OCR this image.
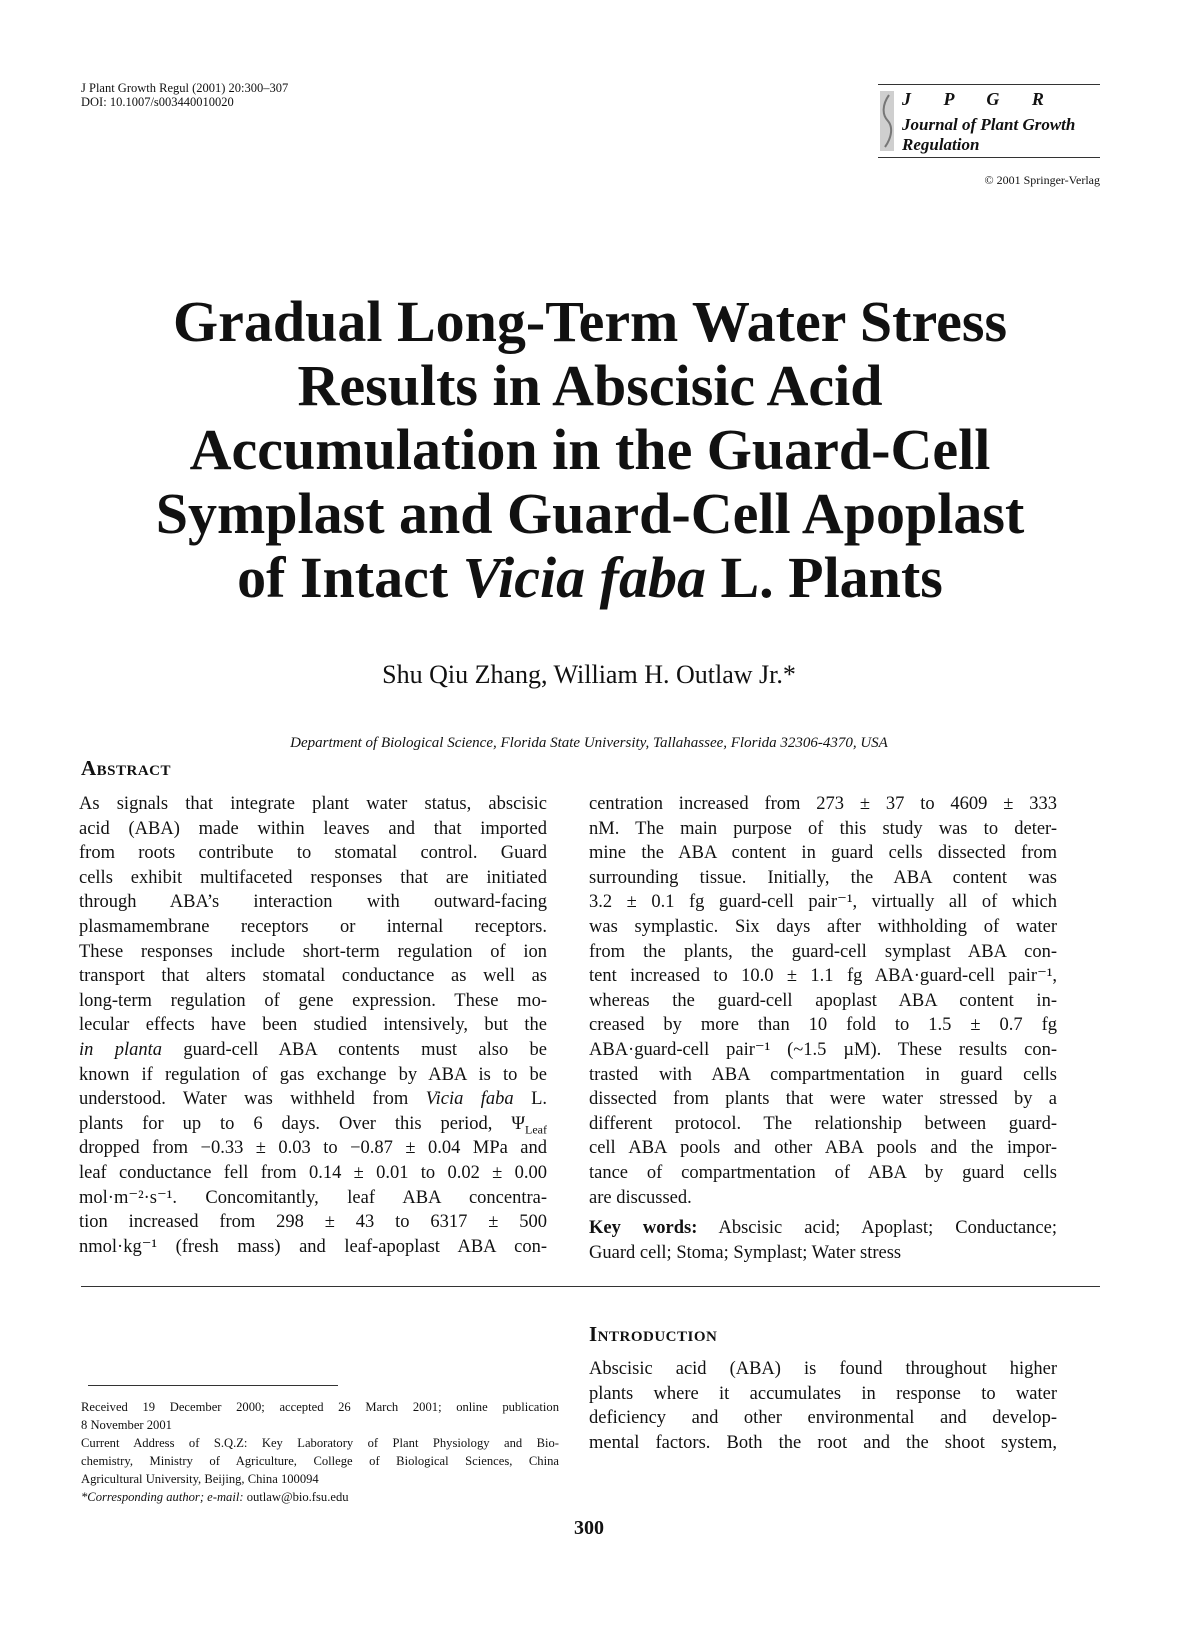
J Plant Growth Regul (2001) 20:300–307
DOI: 10.1007/s003440010020	J P G R
Journal of Plant Growth
Regulation
© 2001 Springer-Verlag
Gradual Long-Term Water Stress
Results in Abscisic Acid
Accumulation in the Guard-Cell
Symplast and Guard-Cell Apoplast
of Intact Vicia faba L. Plants
Shu Qiu Zhang, William H. Outlaw Jr.*
Department of Biological Science, Florida State University, Tallahassee, Florida 32306-4370, USA
Abstract
As signals that integrate plant water status, abscisic
acid (ABA) made within leaves and that imported
from roots contribute to stomatal control. Guard
cells exhibit multifaceted responses that are initiated
through ABA’s interaction with outward-facing
plasmamembrane receptors or internal receptors.
These responses include short-term regulation of ion
transport that alters stomatal conductance as well as
long-term regulation of gene expression. These mo-
lecular effects have been studied intensively, but the
in planta guard-cell ABA contents must also be
known if regulation of gas exchange by ABA is to be
understood. Water was withheld from Vicia faba L.
plants for up to 6 days. Over this period, $\Psi_{Leaf}$
dropped from −0.33 ± 0.03 to −0.87 ± 0.04 MPa and
leaf conductance fell from 0.14 ± 0.01 to 0.02 ± 0.00
mol·m⁻²·s⁻¹. Concomitantly, leaf ABA concentra-
tion increased from 298 ± 43 to 6317 ± 500
nmol·kg⁻¹ (fresh mass) and leaf-apoplast ABA con-
centration increased from 273 ± 37 to 4609 ± 333
nM. The main purpose of this study was to deter-
mine the ABA content in guard cells dissected from
surrounding tissue. Initially, the ABA content was
3.2 ± 0.1 fg guard-cell pair⁻¹, virtually all of which
was symplastic. Six days after withholding of water
from the plants, the guard-cell symplast ABA con-
tent increased to 10.0 ± 1.1 fg ABA·guard-cell pair⁻¹,
whereas the guard-cell apoplast ABA content in-
creased by more than 10 fold to 1.5 ± 0.7 fg
ABA·guard-cell pair⁻¹ (~1.5 µM). These results con-
trasted with ABA compartmentation in guard cells
dissected from plants that were water stressed by a
different protocol. The relationship between guard-
cell ABA pools and other ABA pools and the impor-
tance of compartmentation of ABA by guard cells
are discussed.
Key words: Abscisic acid; Apoplast; Conductance;
Guard cell; Stoma; Symplast; Water stress
Received 19 December 2000; accepted 26 March 2001; online publication
8 November 2001
Current Address of S.Q.Z: Key Laboratory of Plant Physiology and Bio-
chemistry, Ministry of Agriculture, College of Biological Sciences, China
Agricultural University, Beijing, China 100094
*Corresponding author; e-mail: outlaw@bio.fsu.edu
Introduction
Abscisic acid (ABA) is found throughout higher
plants where it accumulates in response to water
deficiency and other environmental and develop-
mental factors. Both the root and the shoot system,
300
